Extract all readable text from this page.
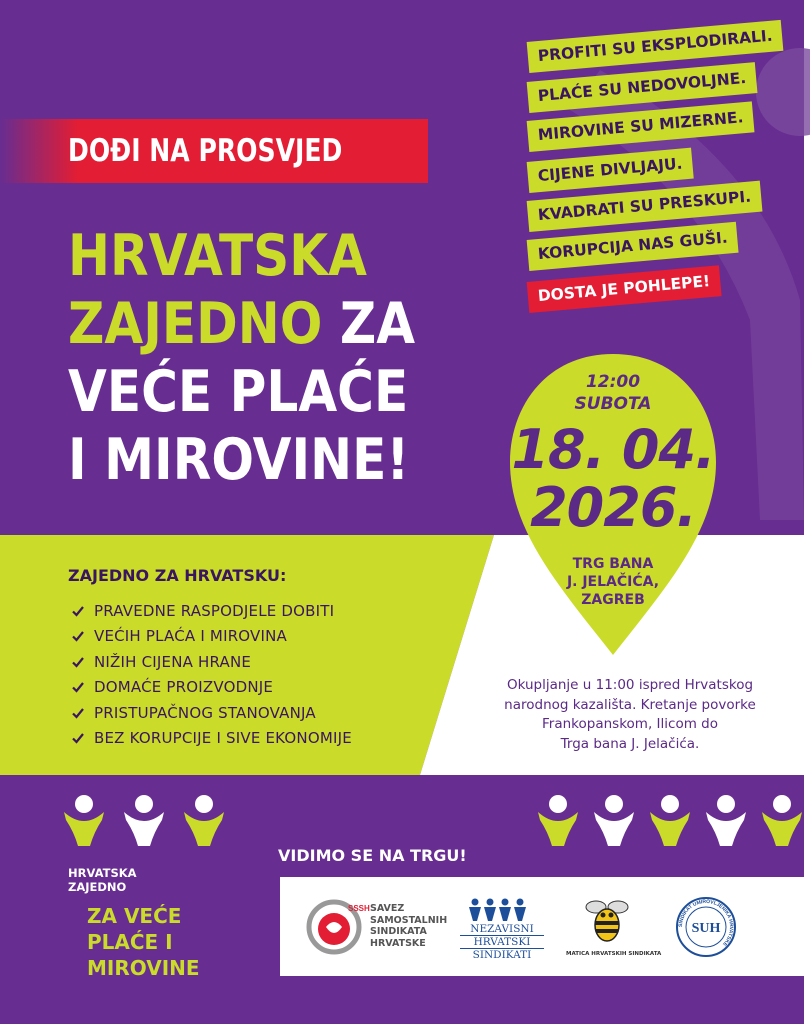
DOĐI NA PROSVJED
HRVATSKA
ZAJEDNO ZA
VEĆE PLAĆE
I MIROVINE!
PROFITI SU EKSPLODIRALI.
PLAĆE SU NEDOVOLJNE.
MIROVINE SU MIZERNE.
CIJENE DIVLJAJU.
KVADRATI SU PRESKUPI.
KORUPCIJA NAS GUŠI.
DOSTA JE POHLEPE!
12:00
SUBOTA
18. 04.
2026.
TRG BANA
J. JELAČIĆA,
ZAGREB
ZAJEDNO ZA HRVATSKU:
PRAVEDNE RASPODJELE DOBITI
VEĆIH PLAĆA I MIROVINA
NIŽIH CIJENA HRANE
DOMAĆE PROIZVODNJE
PRISTUPAČNOG STANOVANJA
BEZ KORUPCIJE I SIVE EKONOMIJE
Okupljanje u 11:00 ispred Hrvatskog
narodnog kazališta. Kretanje povorke
Frankopanskom, Ilicom do
Trga bana J. Jelačića.
VIDIMO SE NA TRGU!
HRVATSKA
ZAJEDNO
ZA VEĆE
PLAĆE I
MIROVINE
SSSH SAVEZ
SAMOSTALNIH
SINDIKATA
HRVATSKE
NEZAVISNI
HRVATSKI
SINDIKATI	MATICA HRVATSKIH SINDIKATA
SINDIKAT UMIROVLJENIKA HRVATSKE
SUH
